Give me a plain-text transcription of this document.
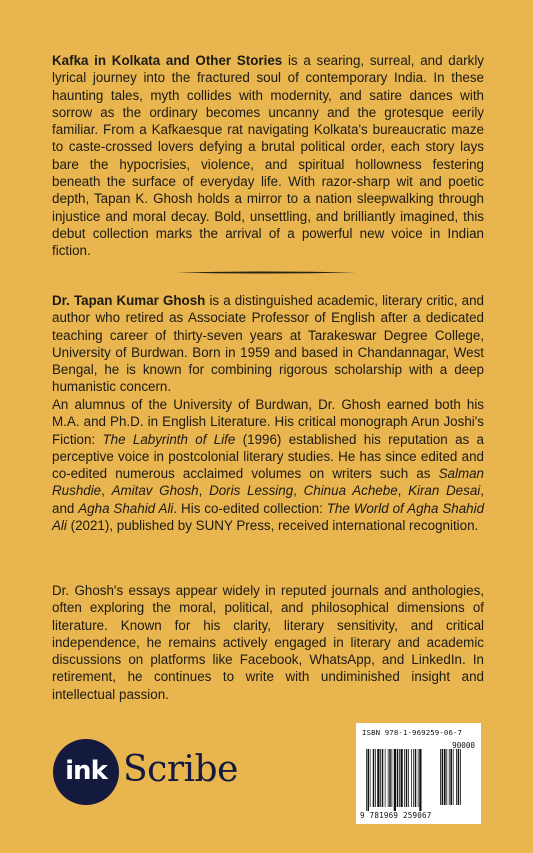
Kafka in Kolkata and Other Stories is a searing, surreal, and darkly lyrical journey into the fractured soul of contemporary India. In these haunting tales, myth collides with modernity, and satire dances with sorrow as the ordinary becomes uncanny and the grotesque eerily familiar. From a Kafkaesque rat navigating Kolkata's bureaucratic maze to caste-crossed lovers defying a brutal political order, each story lays bare the hypocrisies, violence, and spiritual hollowness festering beneath the surface of everyday life. With razor-sharp wit and poetic depth, Tapan K. Ghosh holds a mirror to a nation sleepwalking through injustice and moral decay. Bold, unsettling, and brilliantly imagined, this debut collection marks the arrival of a powerful new voice in Indian fiction.

Dr. Tapan Kumar Ghosh is a distinguished academic, literary critic, and author who retired as Associate Professor of English after a dedicated teaching career of thirty-seven years at Tarakeswar Degree College, University of Burdwan. Born in 1959 and based in Chandannagar, West Bengal, he is known for combining rigorous scholarship with a deep humanistic concern.

An alumnus of the University of Burdwan, Dr. Ghosh earned both his M.A. and Ph.D. in English Literature. His critical monograph Arun Joshi's Fiction: The Labyrinth of Life (1996) established his reputation as a perceptive voice in postcolonial literary studies. He has since edited and co-edited numerous acclaimed volumes on writers such as Salman Rushdie, Amitav Ghosh, Doris Lessing, Chinua Achebe, Kiran Desai, and Agha Shahid Ali. His co-edited collection: The World of Agha Shahid Ali (2021), published by SUNY Press, received international recognition.

Dr. Ghosh's essays appear widely in reputed journals and anthologies, often exploring the moral, political, and philosophical dimensions of literature. Known for his clarity, literary sensitivity, and critical independence, he remains actively engaged in literary and academic discussions on platforms like Facebook, WhatsApp, and LinkedIn. In retirement, he continues to write with undiminished insight and intellectual passion.

ink Scribe
ISBN 978-1-969259-06-7
90000
9 781969 259067
